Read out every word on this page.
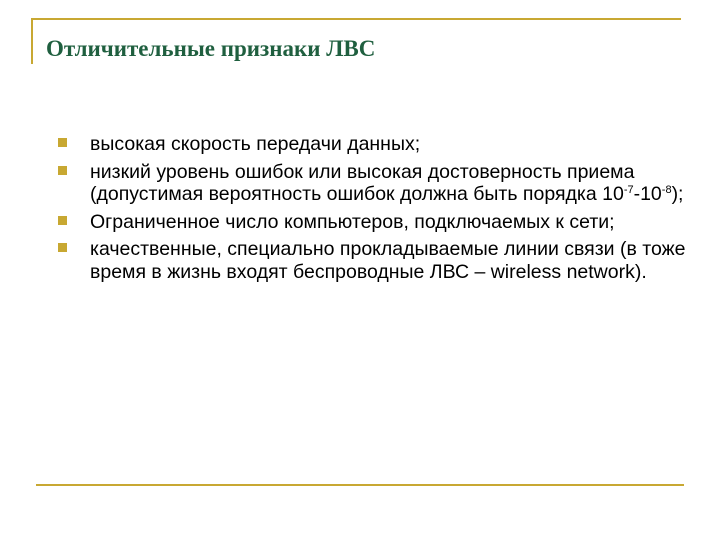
Отличительные признаки ЛВС
высокая скорость передачи данных;
низкий уровень ошибок или высокая достоверность приема (допустимая вероятность ошибок должна быть порядка $10^{-7}-10^{-8}$);
Ограниченное число компьютеров, подключаемых к сети;
качественные, специально прокладываемые линии связи (в тоже время в жизнь входят беспроводные ЛВС – wireless network).
